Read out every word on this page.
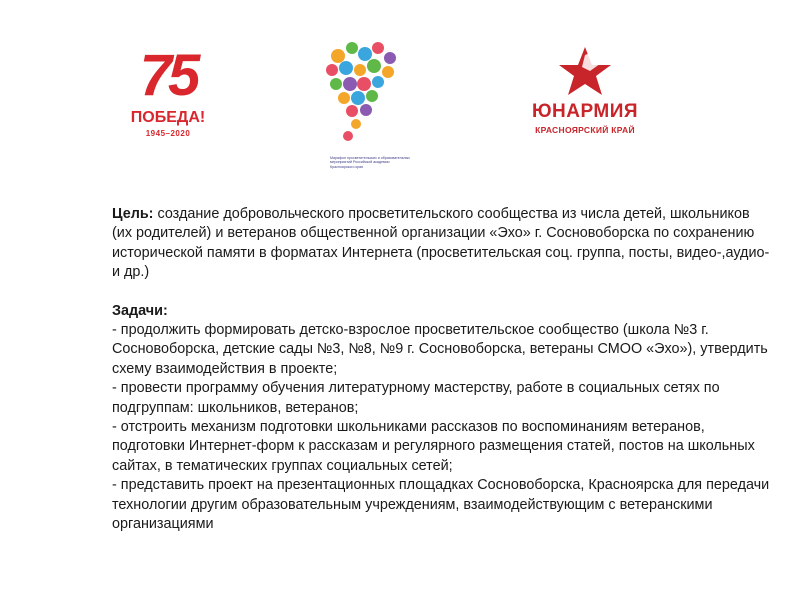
75
ПОБЕДА!
1945–2020
Марафон просветительских и образовательных мероприятий Российской академии Красноярского края
ЮНАРМИЯ
КРАСНОЯРСКИЙ КРАЙ

Цель: создание добровольческого просветительского сообщества из числа детей, школьников (их родителей) и ветеранов общественной организации «Эхо» г. Сосновоборска по сохранению исторической памяти в форматах Интернета (просветительская соц. группа, посты, видео-,аудио- и др.)

Задачи:

- продолжить формировать детско-взрослое просветительское сообщество (школа №3 г. Сосновоборска, детские сады №3, №8, №9 г. Сосновоборска, ветераны СМОО «Эхо»), утвердить схему взаимодействия в проекте;

- провести программу обучения литературному мастерству, работе в социальных сетях по подгруппам: школьников, ветеранов;

- отстроить механизм подготовки школьниками рассказов по воспоминаниям ветеранов, подготовки Интернет-форм к рассказам и регулярного размещения статей, постов на школьных сайтах, в тематических группах социальных сетей;

- представить проект на презентационных площадках Сосновоборска, Красноярска для передачи технологии другим образовательным учреждениям, взаимодействующим с ветеранскими организациями
